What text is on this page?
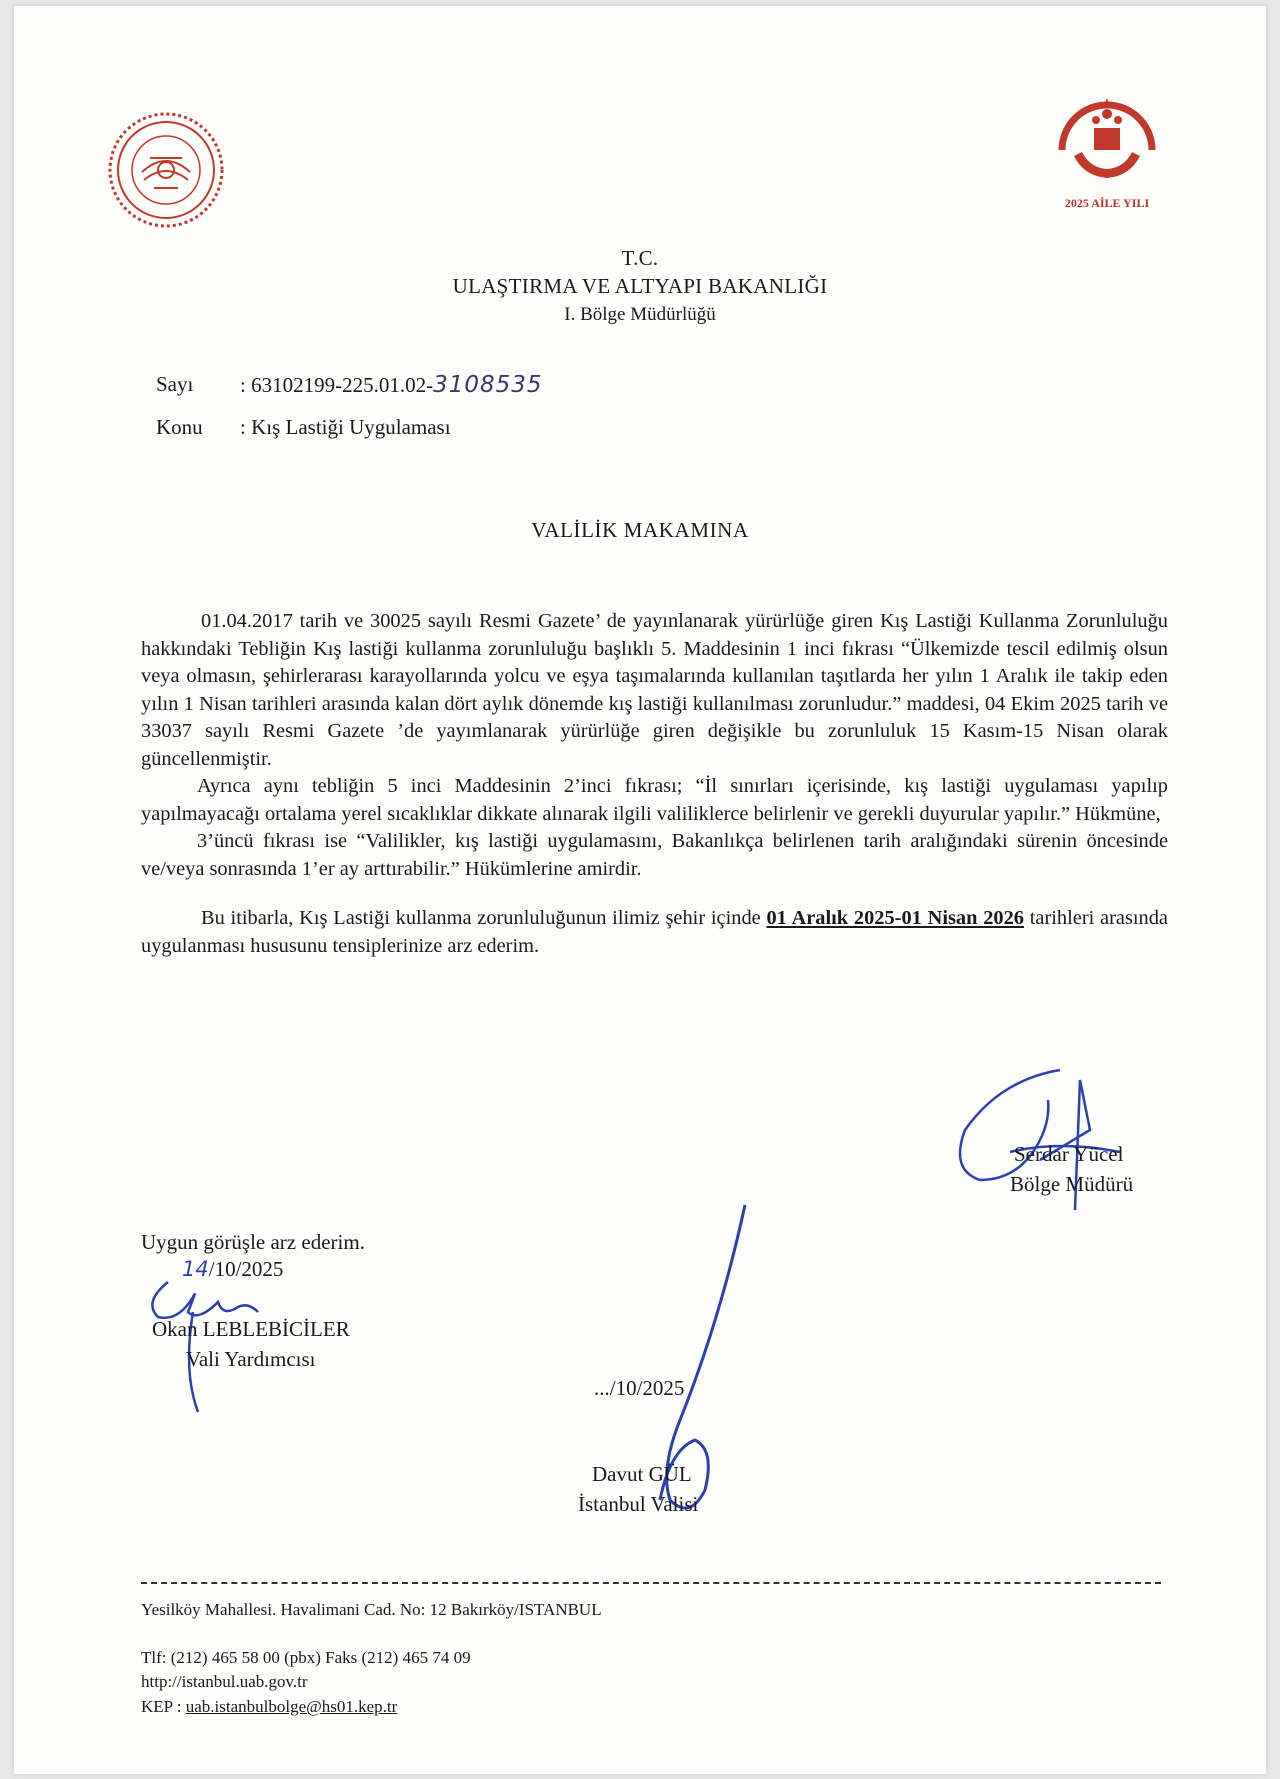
2025 AİLE YILI
T.C.
ULAŞTIRMA VE ALTYAPI BAKANLIĞI
I. Bölge Müdürlüğü
Sayı : 63102199-225.01.02-3108535
Konu : Kış Lastiği Uygulaması
VALİLİK MAKAMINA

01.04.2017 tarih ve 30025 sayılı Resmi Gazete’ de yayınlanarak yürürlüğe giren Kış Lastiği Kullanma Zorunluluğu hakkındaki Tebliğin Kış lastiği kullanma zorunluluğu başlıklı 5. Maddesinin 1 inci fıkrası “Ülkemizde tescil edilmiş olsun veya olmasın, şehirlerarası karayollarında yolcu ve eşya taşımalarında kullanılan taşıtlarda her yılın 1 Aralık ile takip eden yılın 1 Nisan tarihleri arasında kalan dört aylık dönemde kış lastiği kullanılması zorunludur.” maddesi, 04 Ekim 2025 tarih ve 33037 sayılı Resmi Gazete ’de yayımlanarak yürürlüğe giren değişikle bu zorunluluk 15 Kasım-15 Nisan olarak güncellenmiştir.

Ayrıca aynı tebliğin 5 inci Maddesinin 2’inci fıkrası; “İl sınırları içerisinde, kış lastiği uygulaması yapılıp yapılmayacağı ortalama yerel sıcaklıklar dikkate alınarak ilgili valiliklerce belirlenir ve gerekli duyurular yapılır.” Hükmüne,

3’üncü fıkrası ise “Valilikler, kış lastiği uygulamasını, Bakanlıkça belirlenen tarih aralığındaki sürenin öncesinde ve/veya sonrasında 1’er ay arttırabilir.” Hükümlerine amirdir.

Bu itibarla, Kış Lastiği kullanma zorunluluğunun ilimiz şehir içinde 01 Aralık 2025-01 Nisan 2026 tarihleri arasında uygulanması hususunu tensiplerinize arz ederim.

Serdar Yücel
Bölge Müdürü
Uygun görüşle arz ederim.
14/10/2025
Okan LEBLEBİCİLER
Vali Yardımcısı
.../10/2025
Davut GÜL
İstanbul Valisi
Yesilköy Mahallesi. Havalimani Cad. No: 12 Bakırköy/ISTANBUL
Tlf: (212) 465 58 00 (pbx) Faks (212) 465 74 09
http://istanbul.uab.gov.tr
KEP : uab.istanbulbolge@hs01.kep.tr
